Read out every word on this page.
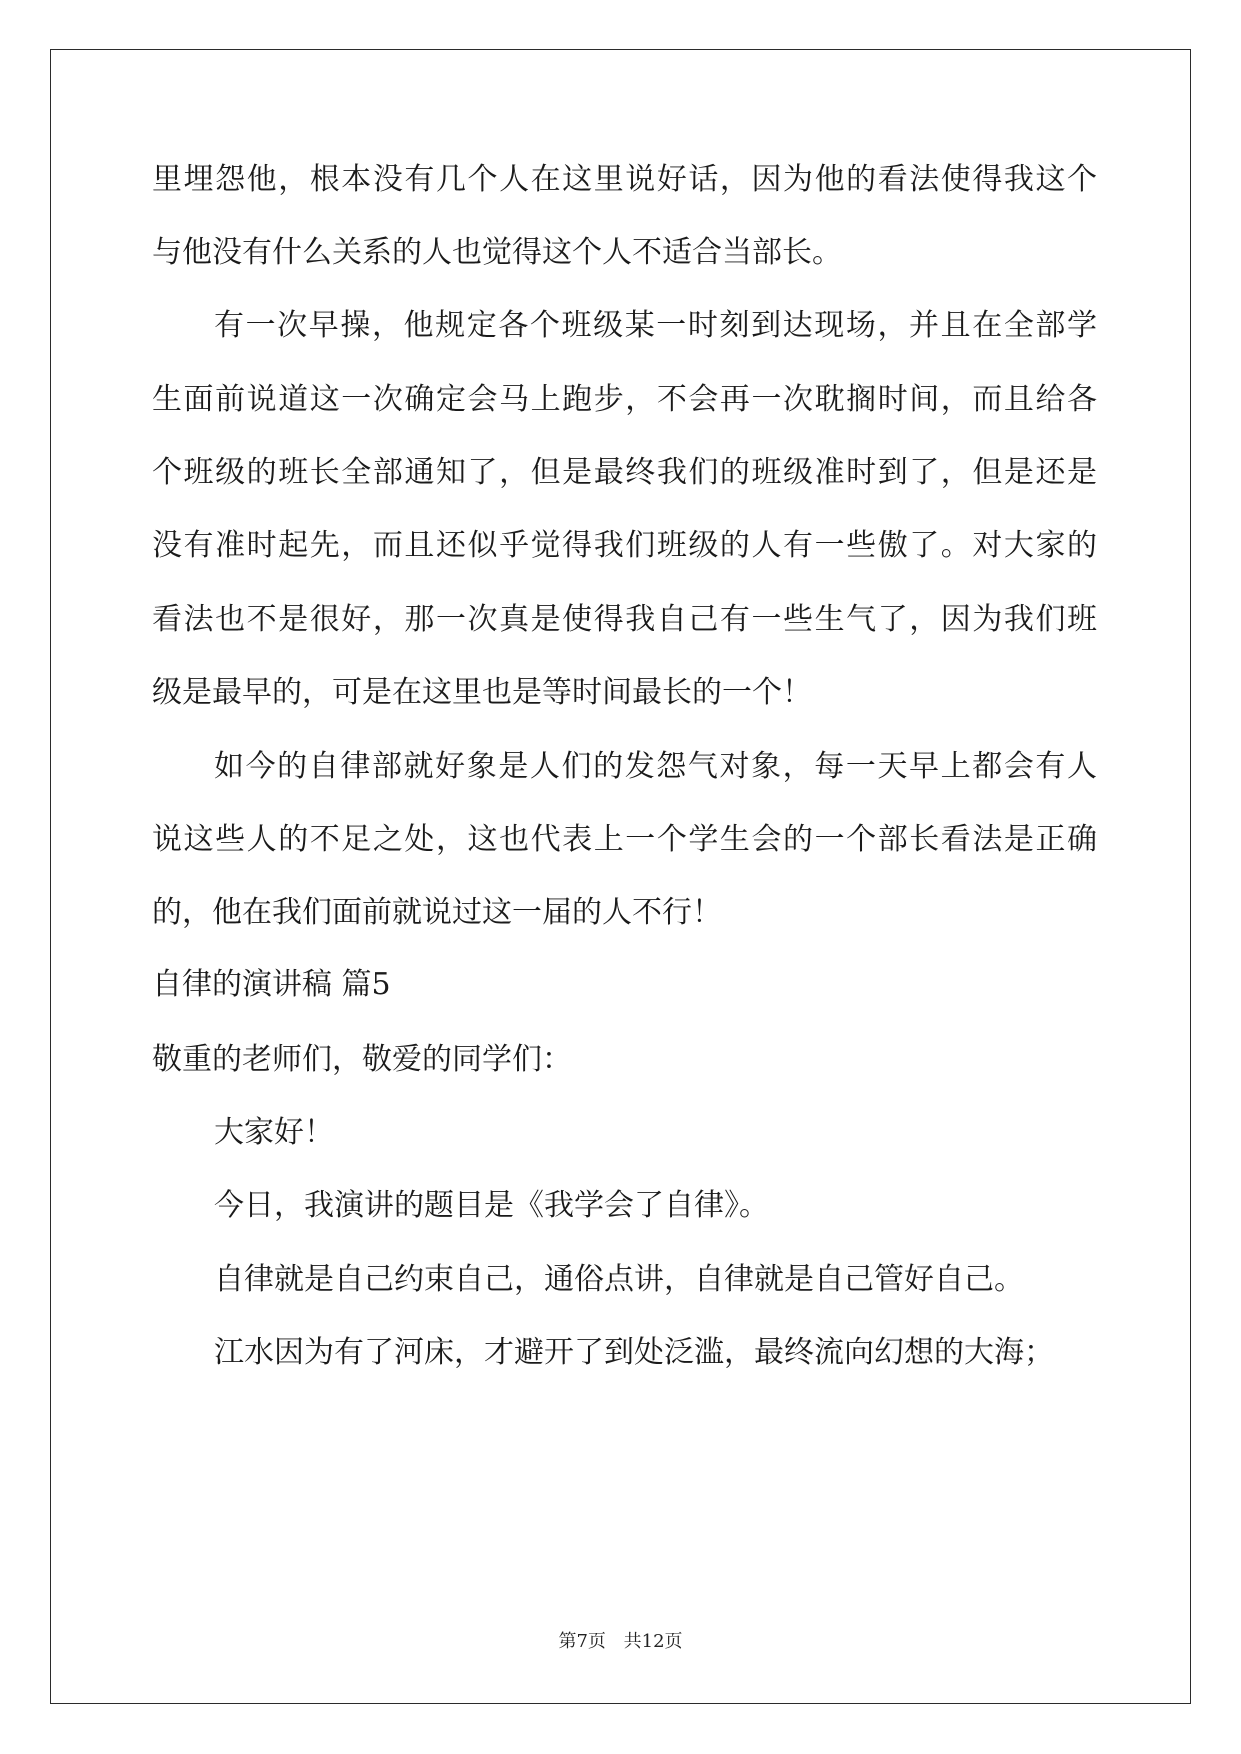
里埋怨他，根本没有几个人在这里说好话，因为他的看法使得我这个
与他没有什么关系的人也觉得这个人不适合当部长。
有一次早操，他规定各个班级某一时刻到达现场，并且在全部学
生面前说道这一次确定会马上跑步，不会再一次耽搁时间，而且给各
个班级的班长全部通知了，但是最终我们的班级准时到了，但是还是
没有准时起先，而且还似乎觉得我们班级的人有一些傲了。对大家的
看法也不是很好，那一次真是使得我自己有一些生气了，因为我们班
级是最早的，可是在这里也是等时间最长的一个！
如今的自律部就好象是人们的发怨气对象，每一天早上都会有人
说这些人的不足之处，这也代表上一个学生会的一个部长看法是正确
的，他在我们面前就说过这一届的人不行！
自律的演讲稿 篇5
敬重的老师们，敬爱的同学们：
大家好！
今日，我演讲的题目是《我学会了自律》。
自律就是自己约束自己，通俗点讲，自律就是自己管好自己。
江水因为有了河床，才避开了到处泛滥，最终流向幻想的大海；
第7页 共12页
